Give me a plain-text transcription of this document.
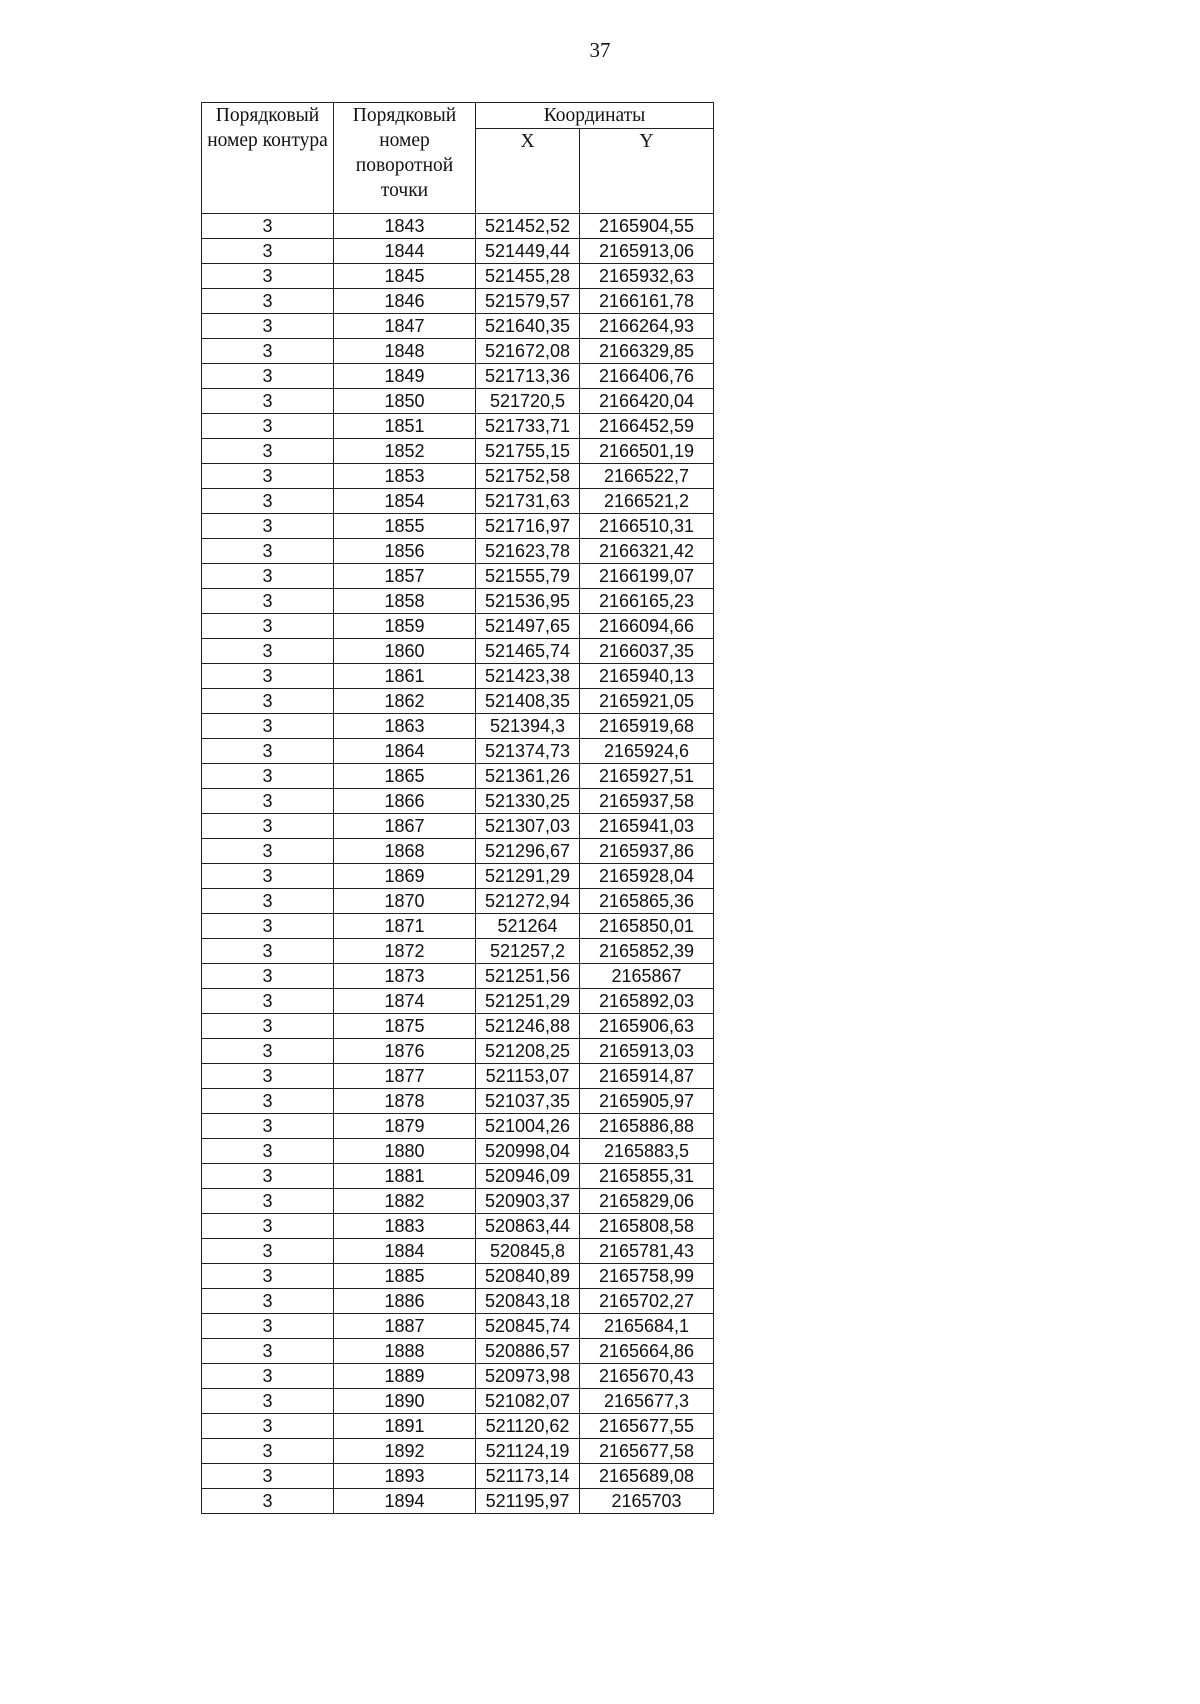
37
Порядковый
номер контура	Порядковый
номер
поворотной
точки	Координаты	
		X	Y
3	1843	521452,52	2165904,55
3	1844	521449,44	2165913,06
3	1845	521455,28	2165932,63
3	1846	521579,57	2166161,78
3	1847	521640,35	2166264,93
3	1848	521672,08	2166329,85
3	1849	521713,36	2166406,76
3	1850	521720,5	2166420,04
3	1851	521733,71	2166452,59
3	1852	521755,15	2166501,19
3	1853	521752,58	2166522,7
3	1854	521731,63	2166521,2
3	1855	521716,97	2166510,31
3	1856	521623,78	2166321,42
3	1857	521555,79	2166199,07
3	1858	521536,95	2166165,23
3	1859	521497,65	2166094,66
3	1860	521465,74	2166037,35
3	1861	521423,38	2165940,13
3	1862	521408,35	2165921,05
3	1863	521394,3	2165919,68
3	1864	521374,73	2165924,6
3	1865	521361,26	2165927,51
3	1866	521330,25	2165937,58
3	1867	521307,03	2165941,03
3	1868	521296,67	2165937,86
3	1869	521291,29	2165928,04
3	1870	521272,94	2165865,36
3	1871	521264	2165850,01
3	1872	521257,2	2165852,39
3	1873	521251,56	2165867
3	1874	521251,29	2165892,03
3	1875	521246,88	2165906,63
3	1876	521208,25	2165913,03
3	1877	521153,07	2165914,87
3	1878	521037,35	2165905,97
3	1879	521004,26	2165886,88
3	1880	520998,04	2165883,5
3	1881	520946,09	2165855,31
3	1882	520903,37	2165829,06
3	1883	520863,44	2165808,58
3	1884	520845,8	2165781,43
3	1885	520840,89	2165758,99
3	1886	520843,18	2165702,27
3	1887	520845,74	2165684,1
3	1888	520886,57	2165664,86
3	1889	520973,98	2165670,43
3	1890	521082,07	2165677,3
3	1891	521120,62	2165677,55
3	1892	521124,19	2165677,58
3	1893	521173,14	2165689,08
3	1894	521195,97	2165703
